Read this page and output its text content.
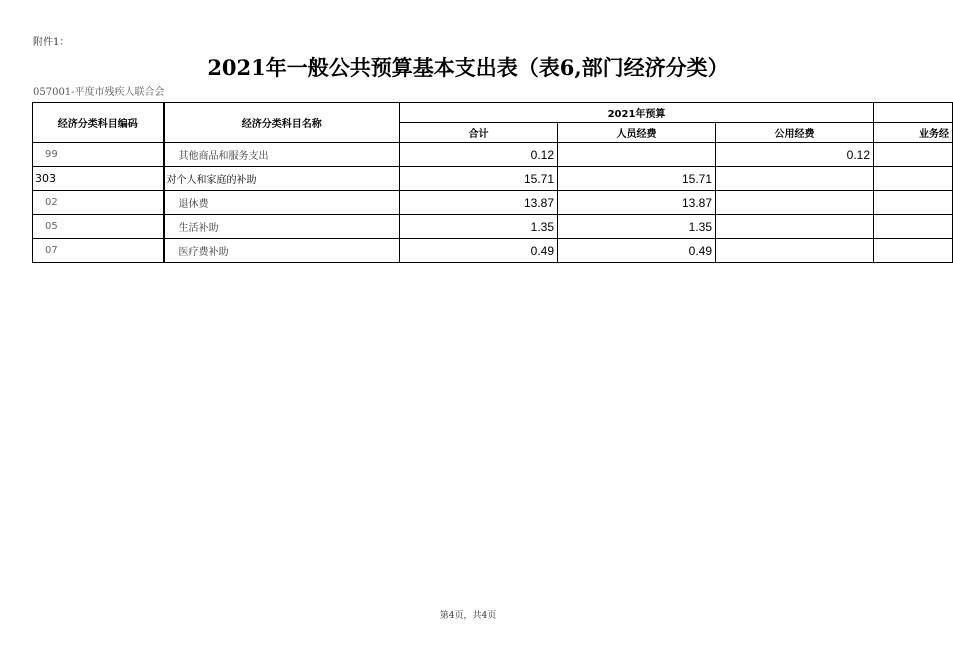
附件1：
2021年一般公共预算基本支出表（表6,部门经济分类）
057001-平度市残疾人联合会
经济分类科目编码	经济分类科目名称	2021年预算			
		合计	人员经费	公用经费	业务经
99	其他商品和服务支出	0.12		0.12	
303	对个人和家庭的补助	15.71	15.71		
02	退休费	13.87	13.87		
05	生活补助	1.35	1.35		
07	医疗费补助	0.49	0.49		
第4页，共4页
